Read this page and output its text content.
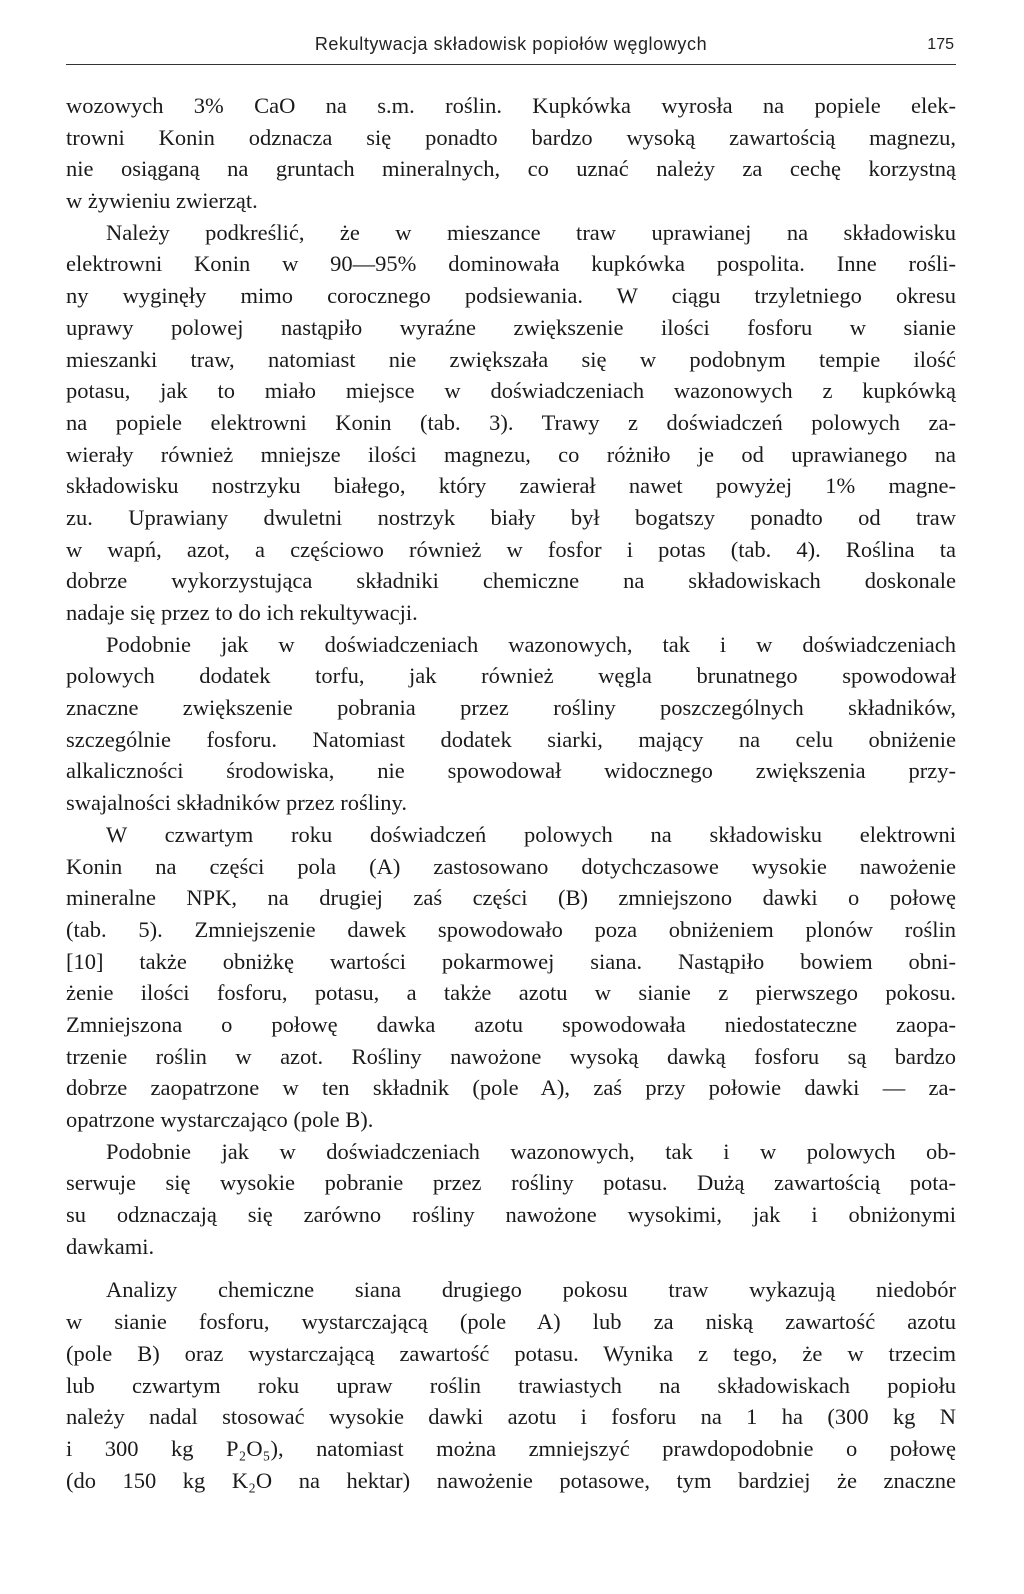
Rekultywacja składowisk popiołów węglowych	175
wozowych 3% CaO na s.m. roślin. Kupkówka wyrosła na popiele elek-
trowni Konin odznacza się ponadto bardzo wysoką zawartością magnezu,
nie osiąganą na gruntach mineralnych, co uznać należy za cechę korzystną
w żywieniu zwierząt.
Należy podkreślić, że w mieszance traw uprawianej na składowisku
elektrowni Konin w 90—95% dominowała kupkówka pospolita. Inne rośli-
ny wyginęły mimo corocznego podsiewania. W ciągu trzyletniego okresu
uprawy polowej nastąpiło wyraźne zwiększenie ilości fosforu w sianie
mieszanki traw, natomiast nie zwiększała się w podobnym tempie ilość
potasu, jak to miało miejsce w doświadczeniach wazonowych z kupkówką
na popiele elektrowni Konin (tab. 3). Trawy z doświadczeń polowych za-
wierały również mniejsze ilości magnezu, co różniło je od uprawianego na
składowisku nostrzyku białego, który zawierał nawet powyżej 1% magne-
zu. Uprawiany dwuletni nostrzyk biały był bogatszy ponadto od traw
w wapń, azot, a częściowo również w fosfor i potas (tab. 4). Roślina ta
dobrze wykorzystująca składniki chemiczne na składowiskach doskonale
nadaje się przez to do ich rekultywacji.
Podobnie jak w doświadczeniach wazonowych, tak i w doświadczeniach
polowych dodatek torfu, jak również węgla brunatnego spowodował
znaczne zwiększenie pobrania przez rośliny poszczególnych składników,
szczególnie fosforu. Natomiast dodatek siarki, mający na celu obniżenie
alkaliczności środowiska, nie spowodował widocznego zwiększenia przy-
swajalności składników przez rośliny.
W czwartym roku doświadczeń polowych na składowisku elektrowni
Konin na części pola (A) zastosowano dotychczasowe wysokie nawożenie
mineralne NPK, na drugiej zaś części (B) zmniejszono dawki o połowę
(tab. 5). Zmniejszenie dawek spowodowało poza obniżeniem plonów roślin
[10] także obniżkę wartości pokarmowej siana. Nastąpiło bowiem obni-
żenie ilości fosforu, potasu, a także azotu w sianie z pierwszego pokosu.
Zmniejszona o połowę dawka azotu spowodowała niedostateczne zaopa-
trzenie roślin w azot. Rośliny nawożone wysoką dawką fosforu są bardzo
dobrze zaopatrzone w ten składnik (pole A), zaś przy połowie dawki — za-
opatrzone wystarczająco (pole B).
Podobnie jak w doświadczeniach wazonowych, tak i w polowych ob-
serwuje się wysokie pobranie przez rośliny potasu. Dużą zawartością pota-
su odznaczają się zarówno rośliny nawożone wysokimi, jak i obniżonymi
dawkami.
Analizy chemiczne siana drugiego pokosu traw wykazują niedobór
w sianie fosforu, wystarczającą (pole A) lub za niską zawartość azotu
(pole B) oraz wystarczającą zawartość potasu. Wynika z tego, że w trzecim
lub czwartym roku upraw roślin trawiastych na składowiskach popiołu
należy nadal stosować wysokie dawki azotu i fosforu na 1 ha (300 kg N
i 300 kg P₂O₅), natomiast można zmniejszyć prawdopodobnie o połowę
(do 150 kg K₂O na hektar) nawożenie potasowe, tym bardziej że znaczne
